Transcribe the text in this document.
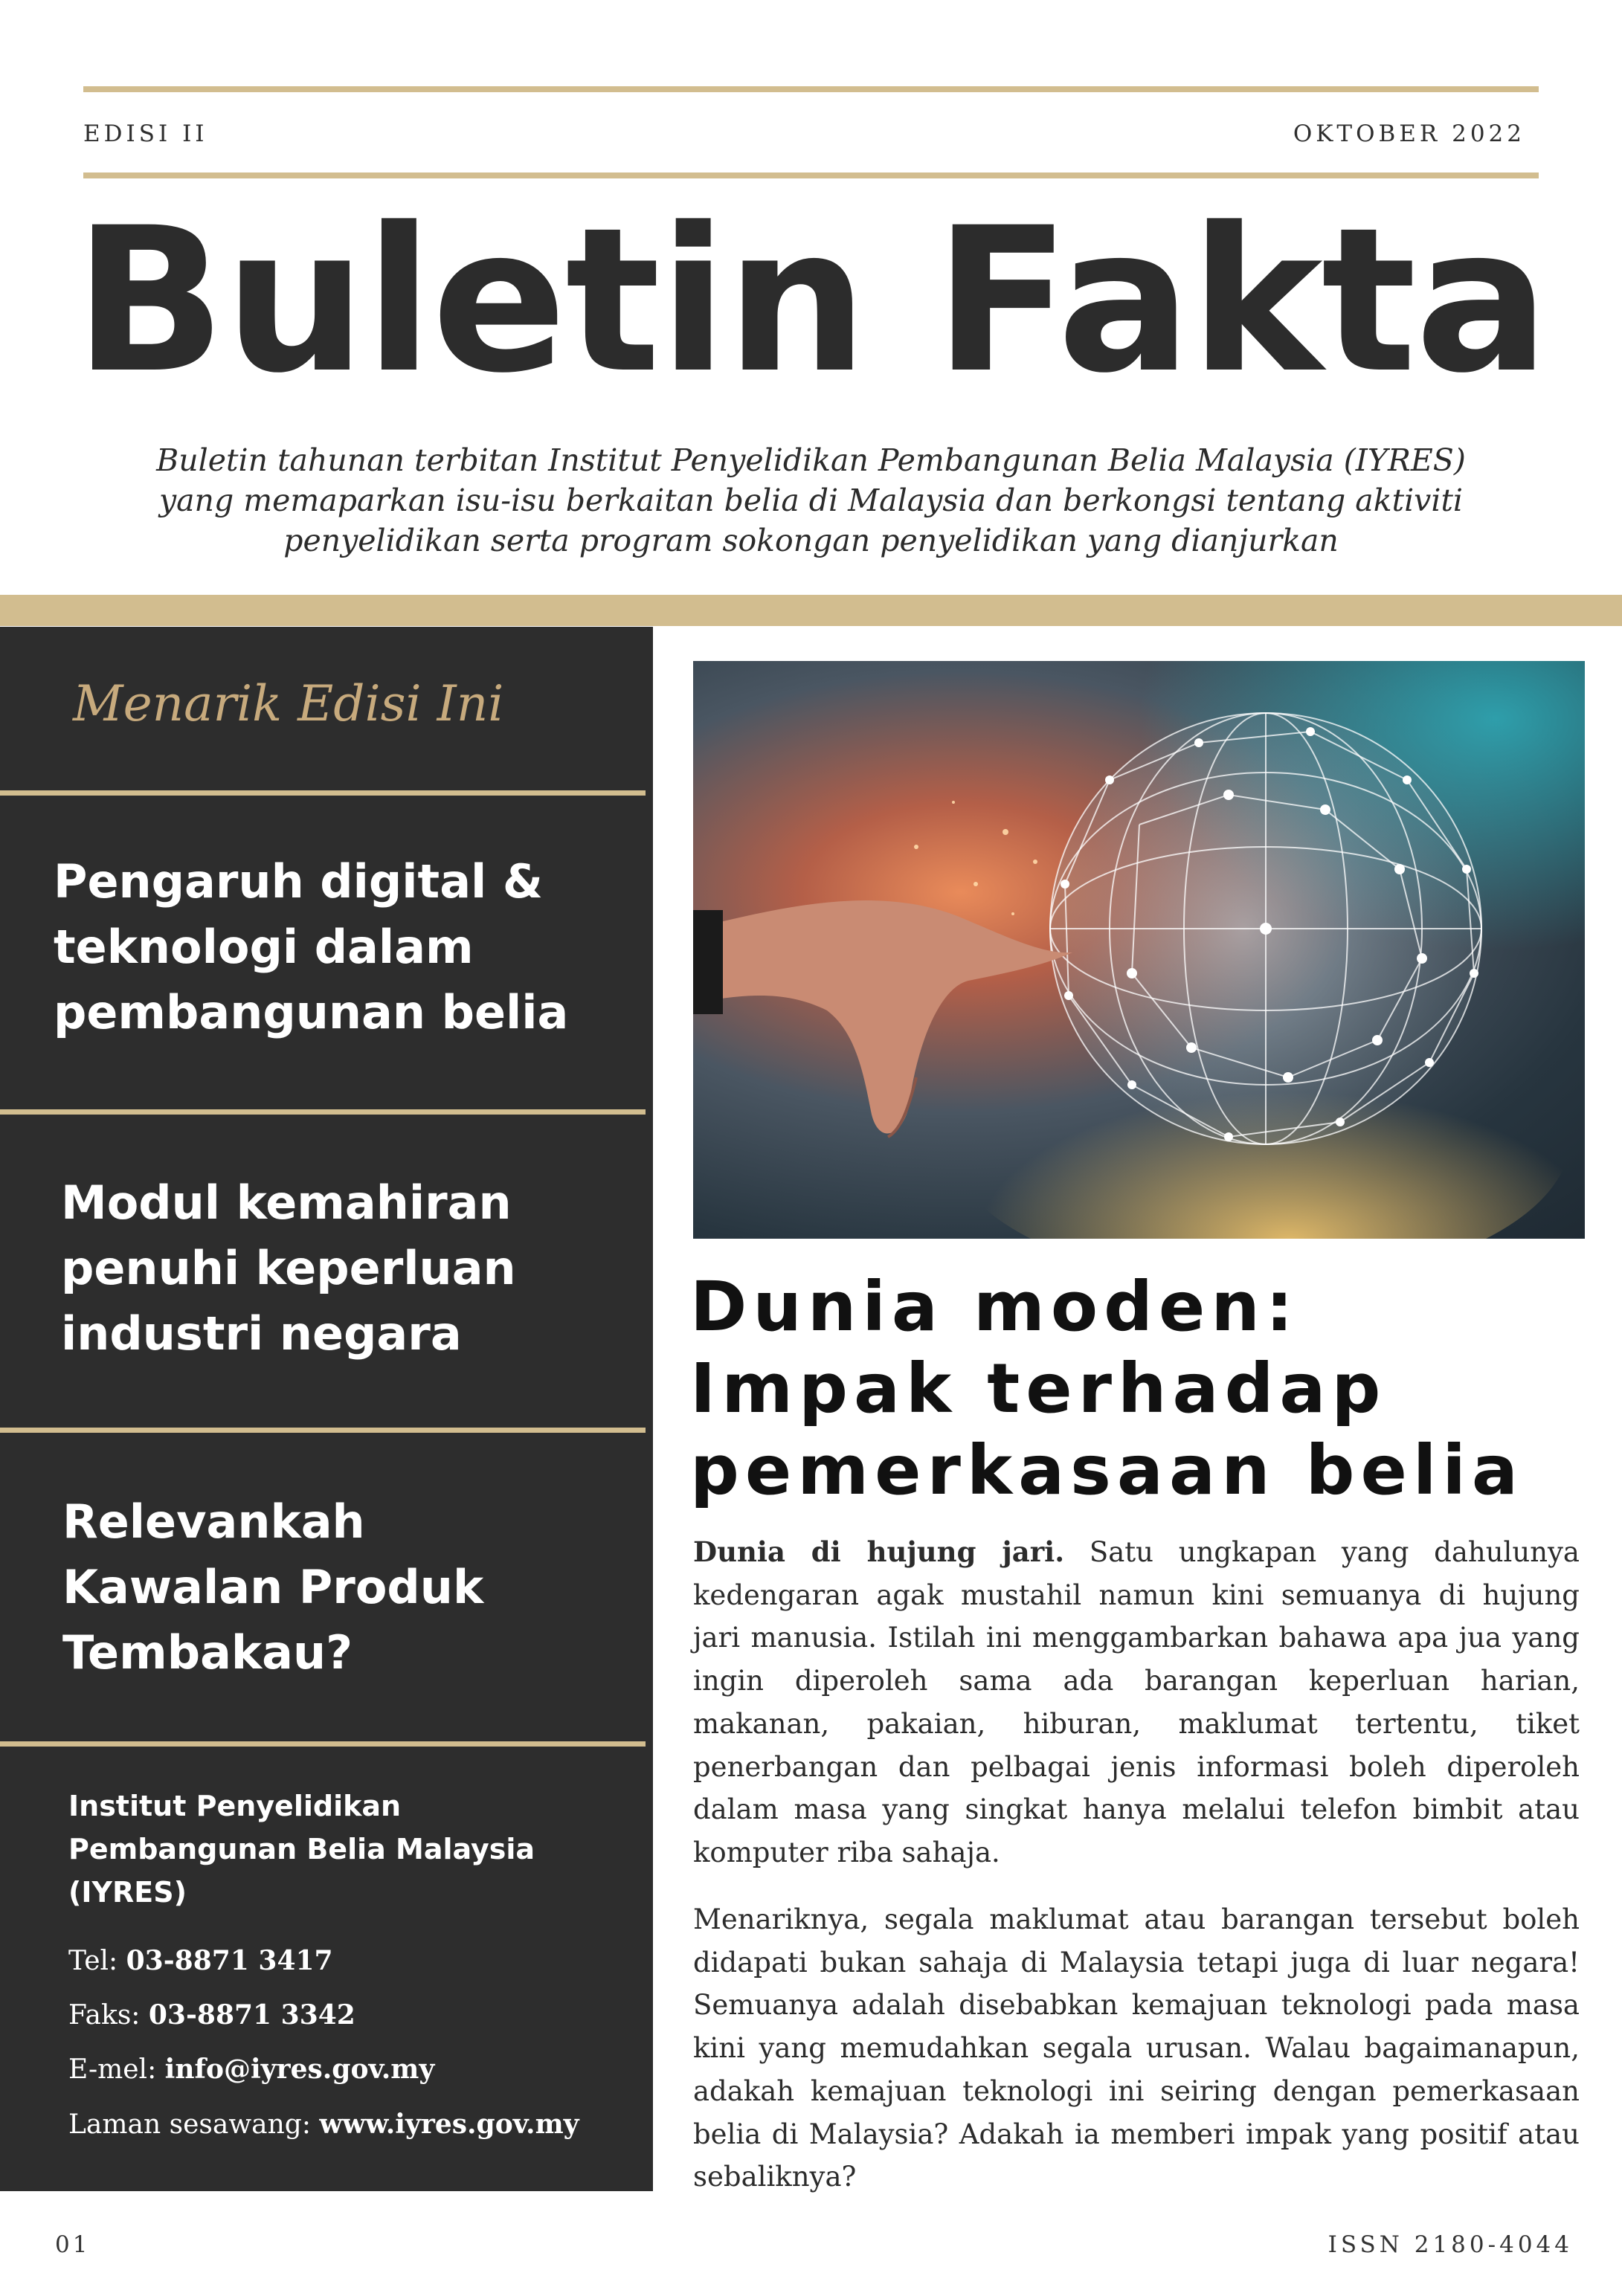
EDISI II	OKTOBER 2022
Buletin Fakta
Buletin tahunan terbitan Institut Penyelidikan Pembangunan Belia Malaysia (IYRES)
yang memaparkan isu-isu berkaitan belia di Malaysia dan berkongsi tentang aktiviti
penyelidikan serta program sokongan penyelidikan yang dianjurkan
Menarik Edisi Ini
Pengaruh digital &
teknologi dalam
pembangunan belia
Modul kemahiran
penuhi keperluan
industri negara
Relevankah
Kawalan Produk
Tembakau?
Institut Penyelidikan
Pembangunan Belia Malaysia
(IYRES)
Tel: 03-8871 3417
Faks: 03-8871 3342
E-mel: info@iyres.gov.my
Laman sesawang: www.iyres.gov.my
Dunia moden:
Impak terhadap
pemerkasaan belia
Dunia di hujung jari. Satu ungkapan yang dahulunya
kedengaran agak mustahil namun kini semuanya di hujung
jari manusia. Istilah ini menggambarkan bahawa apa jua yang
ingin diperoleh sama ada barangan keperluan harian,
makanan, pakaian, hiburan, maklumat tertentu, tiket
penerbangan dan pelbagai jenis informasi boleh diperoleh
dalam masa yang singkat hanya melalui telefon bimbit atau
komputer riba sahaja.
Menariknya, segala maklumat atau barangan tersebut boleh
didapati bukan sahaja di Malaysia tetapi juga di luar negara!
Semuanya adalah disebabkan kemajuan teknologi pada masa
kini yang memudahkan segala urusan. Walau bagaimanapun,
adakah kemajuan teknologi ini seiring dengan pemerkasaan
belia di Malaysia? Adakah ia memberi impak yang positif atau
sebaliknya?
01	ISSN 2180-4044
